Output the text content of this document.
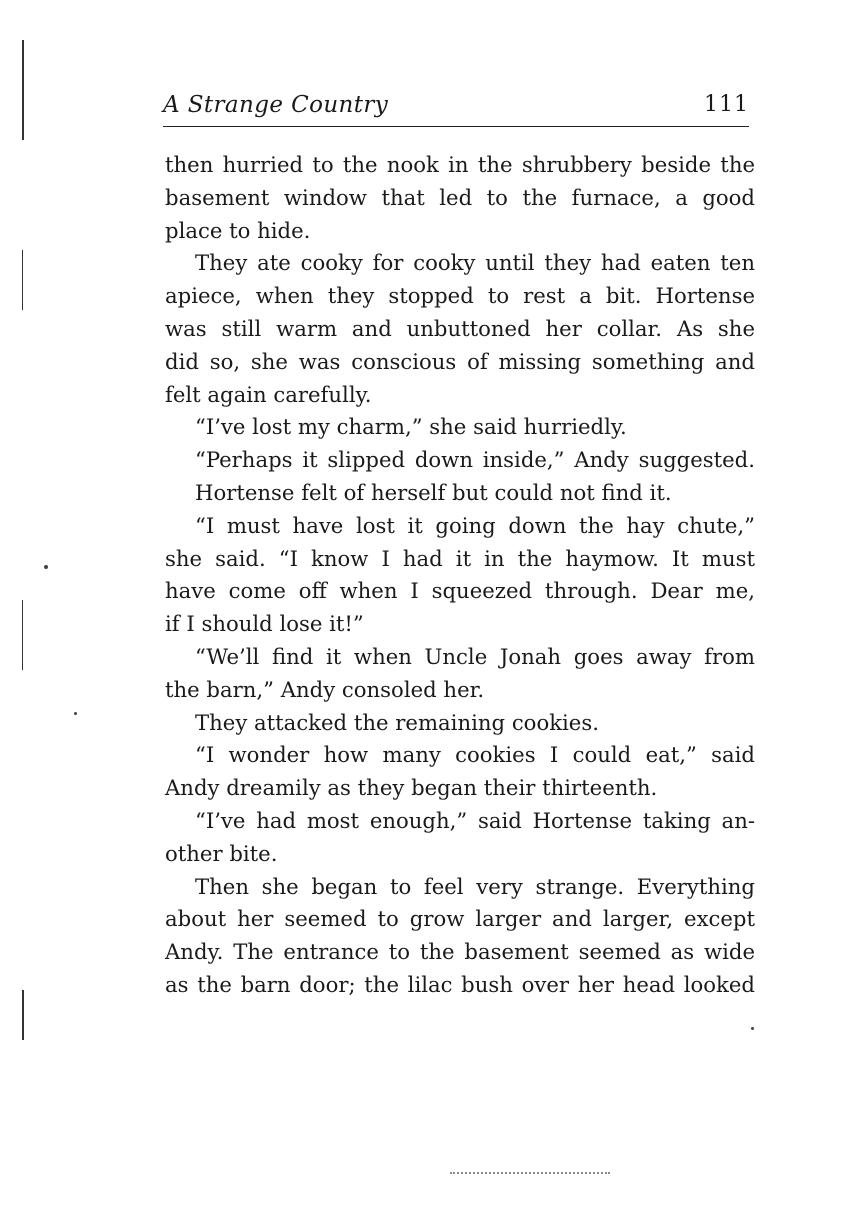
A Strange Country	111
then hurried to the nook in the shrubbery beside the
basement window that led to the furnace, a good
place to hide.
They ate cooky for cooky until they had eaten ten
apiece, when they stopped to rest a bit. Hortense
was still warm and unbuttoned her collar. As she
did so, she was conscious of missing something and
felt again carefully.
“I’ve lost my charm,” she said hurriedly.
“Perhaps it slipped down inside,” Andy suggested.
Hortense felt of herself but could not find it.
“I must have lost it going down the hay chute,”
she said. “I know I had it in the haymow. It must
have come off when I squeezed through. Dear me,
if I should lose it!”
“We’ll find it when Uncle Jonah goes away from
the barn,” Andy consoled her.
They attacked the remaining cookies.
“I wonder how many cookies I could eat,” said
Andy dreamily as they began their thirteenth.
“I’ve had most enough,” said Hortense taking an-
other bite.
Then she began to feel very strange. Everything
about her seemed to grow larger and larger, except
Andy. The entrance to the basement seemed as wide
as the barn door; the lilac bush over her head looked
